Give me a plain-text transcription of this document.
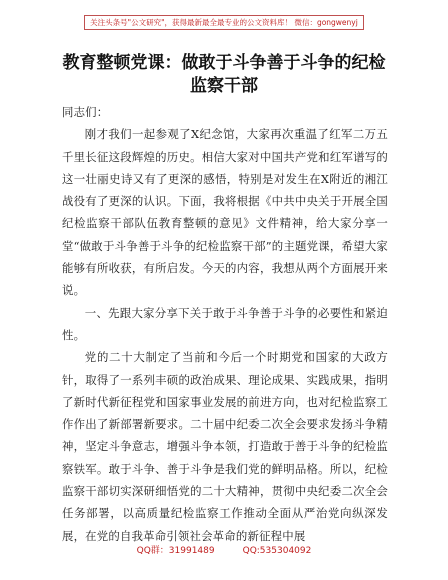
关注头条号"公文研究"，获得最新最全最专业的公文资料库！ 微信：gongwenyj
教育整顿党课：做敢于斗争善于斗争的纪检监察干部

同志们：

刚才我们一起参观了X纪念馆，大家再次重温了红军二万五千里长征这段辉煌的历史。相信大家对中国共产党和红军谱写的这一壮丽史诗又有了更深的感悟，特别是对发生在X附近的湘江战役有了更深的认识。下面，我将根据《中共中央关于开展全国纪检监察干部队伍教育整顿的意见》文件精神，给大家分享一堂“做敢于斗争善于斗争的纪检监察干部”的主题党课，希望大家能够有所收获，有所启发。今天的内容，我想从两个方面展开来说。

一、先跟大家分享下关于敢于斗争善于斗争的必要性和紧迫性。

党的二十大制定了当前和今后一个时期党和国家的大政方针，取得了一系列丰硕的政治成果、理论成果、实践成果，指明了新时代新征程党和国家事业发展的前进方向，也对纪检监察工作作出了新部署新要求。二十届中纪委二次全会要求发扬斗争精神，坚定斗争意志，增强斗争本领，打造敢于善于斗争的纪检监察铁军。敢于斗争、善于斗争是我们党的鲜明品格。所以，纪检监察干部切实深研细悟党的二十大精神，贯彻中央纪委二次全会任务部署，以高质量纪检监察工作推动全面从严治党向纵深发展，在党的自我革命引领社会革命的新征程中展

QQ群：31991489	QQ:535304092
